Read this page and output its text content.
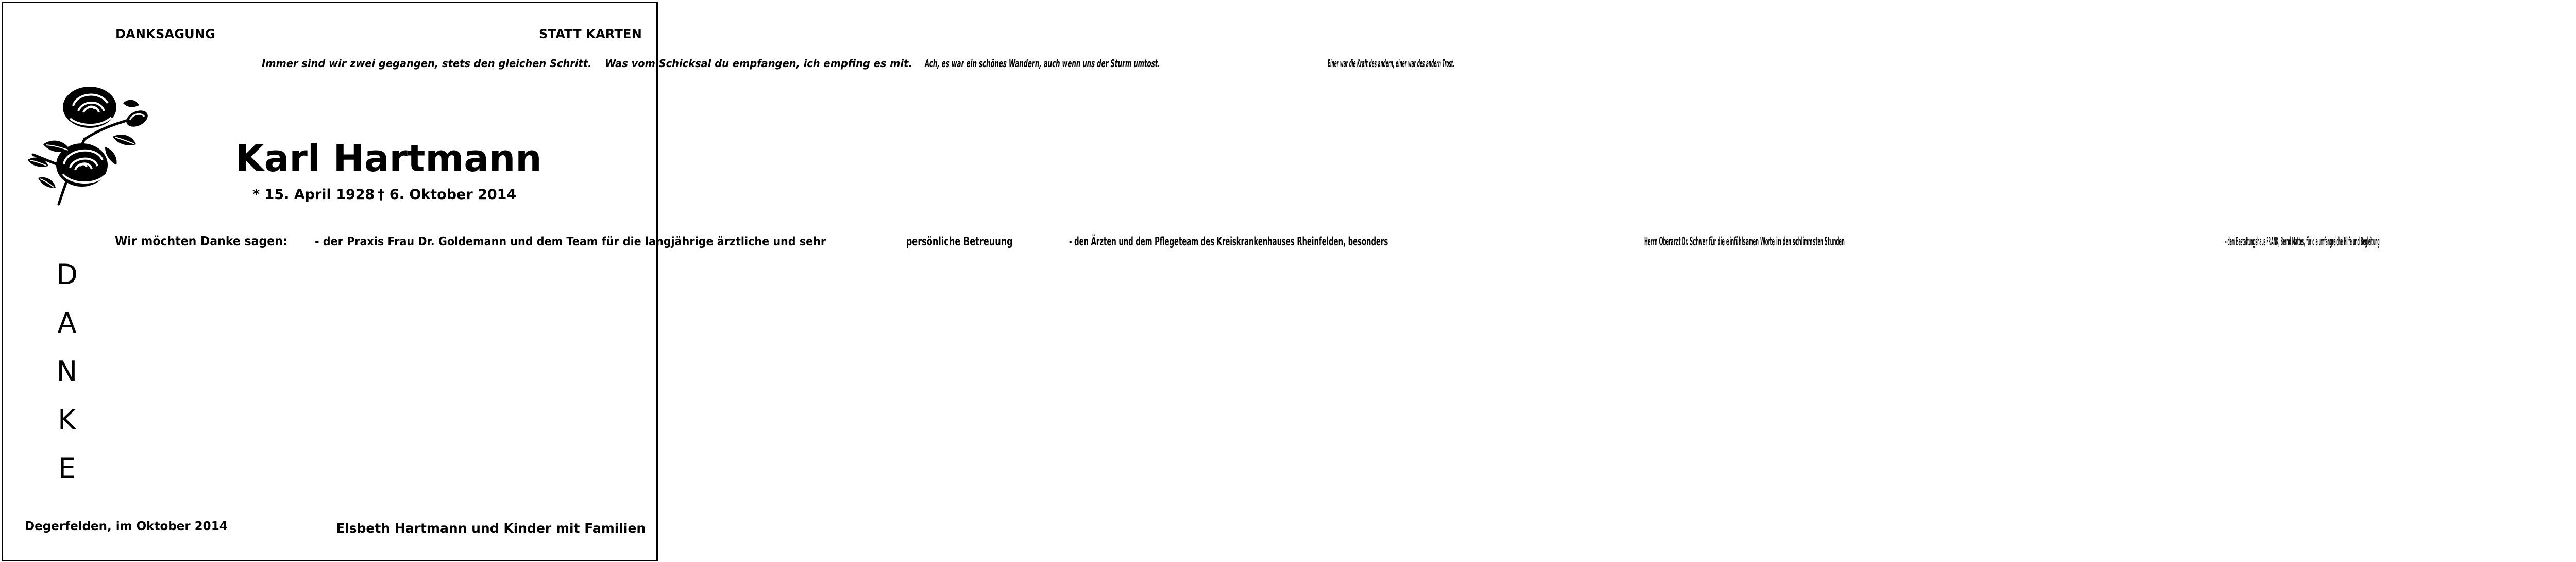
DANKSAGUNG	STATT KARTEN
Immer sind wir zwei gegangen, stets den gleichen Schritt. Was vom Schicksal du empfangen, ich empfing es mit. Ach, es war ein schönes Wandern, auch wenn uns der Sturm umtost.	Einer war die Kraft des andern, einer war des andern Trost.
Karl Hartmann
* 15. April 1928 † 6. Oktober 2014
D
A
N
K
E
Wir möchten Danke sagen: - der Praxis Frau Dr. Goldemann und dem Team für die langjährige ärztliche und sehr	persönliche Betreuung	- den Ärzten und dem Pflegeteam des Kreiskrankenhauses Rheinfelden, besonders	Herrn Oberarzt Dr. Schwer für die einfühlsamen Worte in den schlimmsten Stunden	- dem Bestattungshaus FRANK, Bernd Mattes, für die umfangreiche Hilfe und Begleitung
Degerfelden, im Oktober 2014	Elsbeth Hartmann und Kinder mit Familien
